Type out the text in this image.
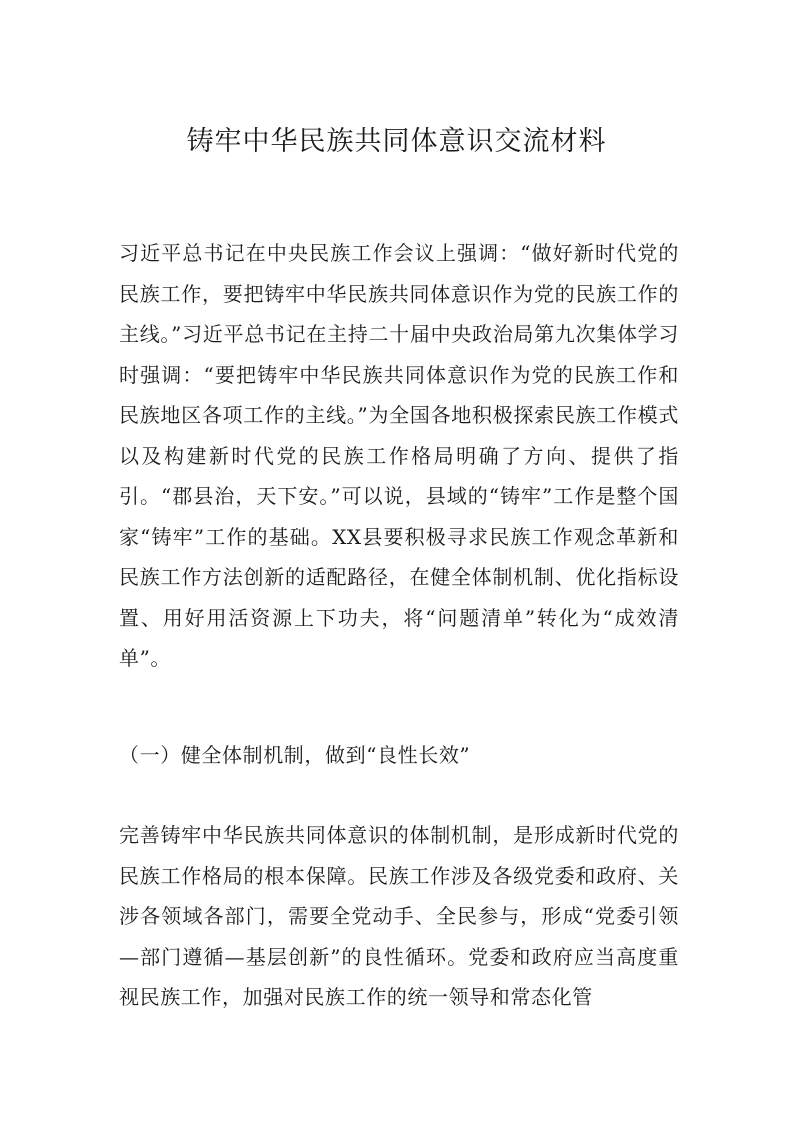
铸牢中华民族共同体意识交流材料

习近平总书记在中央民族工作会议上强调：“做好新时代党的民族工作，要把铸牢中华民族共同体意识作为党的民族工作的主线。”习近平总书记在主持二十届中央政治局第九次集体学习时强调：“要把铸牢中华民族共同体意识作为党的民族工作和民族地区各项工作的主线。”为全国各地积极探索民族工作模式以及构建新时代党的民族工作格局明确了方向、提供了指引。“郡县治，天下安。”可以说，县域的“铸牢”工作是整个国家“铸牢”工作的基础。XX县要积极寻求民族工作观念革新和民族工作方法创新的适配路径，在健全体制机制、优化指标设置、用好用活资源上下功夫，将“问题清单”转化为“成效清单”。

（一）健全体制机制，做到“良性长效”

完善铸牢中华民族共同体意识的体制机制，是形成新时代党的民族工作格局的根本保障。民族工作涉及各级党委和政府、关涉各领域各部门，需要全党动手、全民参与，形成“党委引领—部门遵循—基层创新”的良性循环。党委和政府应当高度重视民族工作，加强对民族工作的统一领导和常态化管
